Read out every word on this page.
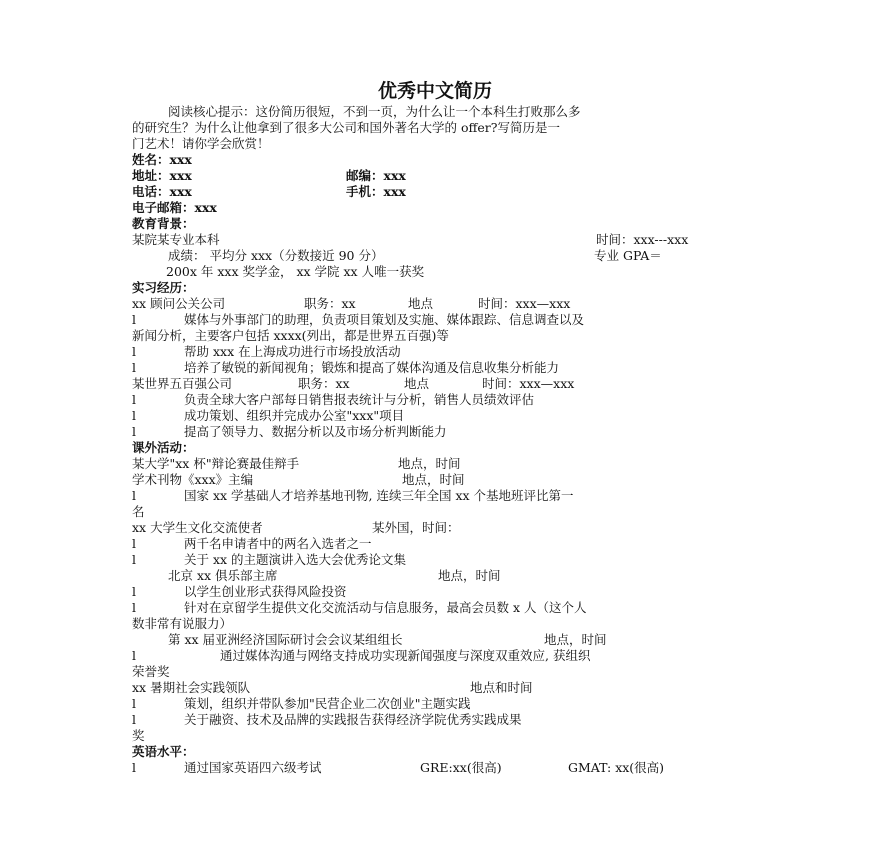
优秀中文简历
阅读核心提示：这份简历很短，不到一页，为什么让一个本科生打败那么多
的研究生？为什么让他拿到了很多大公司和国外著名大学的 offer?写简历是一
门艺术！请你学会欣赏！
姓名：xxx
地址：xxx	邮编：xxx
电话：xxx	手机：xxx
电子邮箱：xxx
教育背景：
某院某专业本科	时间：xxx---xxx
成绩： 平均分 xxx（分数接近 90 分）	专业 GPA＝
200x 年 xxx 奖学金， xx 学院 xx 人唯一获奖
实习经历：
xx 顾问公关公司	职务：xx	地点	时间：xxx—xxx
l	媒体与外事部门的助理，负责项目策划及实施、媒体跟踪、信息调查以及
新闻分析，主要客户包括 xxxx(列出，都是世界五百强)等
l	帮助 xxx 在上海成功进行市场投放活动
l	培养了敏锐的新闻视角；锻炼和提高了媒体沟通及信息收集分析能力
某世界五百强公司	职务：xx	地点	时间：xxx—xxx
l	负责全球大客户部每日销售报表统计与分析，销售人员绩效评估
l	成功策划、组织并完成办公室"xxx"项目
l	提高了领导力、数据分析以及市场分析判断能力
课外活动：
某大学"xx 杯"辩论赛最佳辩手	地点，时间
学术刊物《xxx》主编	地点，时间
l	国家 xx 学基础人才培养基地刊物, 连续三年全国 xx 个基地班评比第一
名
xx 大学生文化交流使者	某外国，时间：
l	两千名申请者中的两名入选者之一
l	关于 xx 的主题演讲入选大会优秀论文集
北京 xx 俱乐部主席	地点，时间
l	以学生创业形式获得风险投资
l	针对在京留学生提供文化交流活动与信息服务，最高会员数 x 人（这个人
数非常有说服力）
第 xx 届亚洲经济国际研讨会会议某组组长	地点，时间
l	通过媒体沟通与网络支持成功实现新闻强度与深度双重效应, 获组织
荣誉奖
xx 暑期社会实践领队	地点和时间
l	策划，组织并带队参加"民营企业二次创业"主题实践
l	关于融资、技术及品牌的实践报告获得经济学院优秀实践成果
奖
英语水平：
l	通过国家英语四六级考试	GRE:xx(很高)	GMAT: xx(很高)
